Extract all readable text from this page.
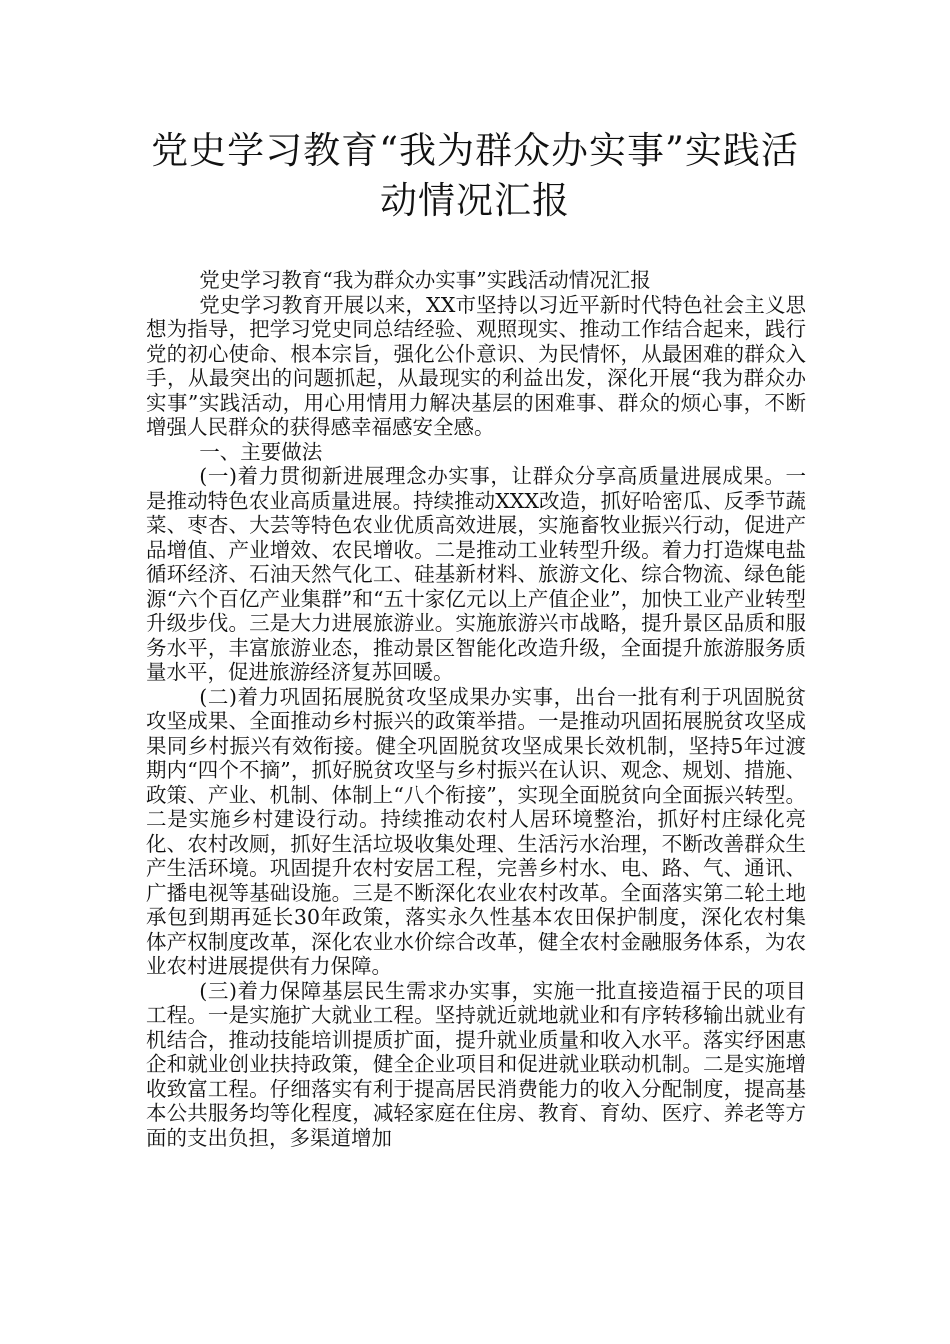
党史学习教育“我为群众办实事”实践活
动情况汇报

党史学习教育“我为群众办实事”实践活动情况汇报

党史学习教育开展以来，XX市坚持以习近平新时代特色社会主义思想为指导，把学习党史同总结经验、观照现实、推动工作结合起来，践行党的初心使命、根本宗旨，强化公仆意识、为民情怀，从最困难的群众入手，从最突出的问题抓起，从最现实的利益出发，深化开展“我为群众办实事”实践活动，用心用情用力解决基层的困难事、群众的烦心事，不断增强人民群众的获得感幸福感安全感。

一、主要做法

(一)着力贯彻新进展理念办实事，让群众分享高质量进展成果。一是推动特色农业高质量进展。持续推动XXX改造，抓好哈密瓜、反季节蔬菜、枣杏、大芸等特色农业优质高效进展，实施畜牧业振兴行动，促进产品增值、产业增效、农民增收。二是推动工业转型升级。着力打造煤电盐循环经济、石油天然气化工、硅基新材料、旅游文化、综合物流、绿色能源“六个百亿产业集群”和“五十家亿元以上产值企业”，加快工业产业转型升级步伐。三是大力进展旅游业。实施旅游兴市战略，提升景区品质和服务水平，丰富旅游业态，推动景区智能化改造升级，全面提升旅游服务质量水平，促进旅游经济复苏回暖。

(二)着力巩固拓展脱贫攻坚成果办实事，出台一批有利于巩固脱贫攻坚成果、全面推动乡村振兴的政策举措。一是推动巩固拓展脱贫攻坚成果同乡村振兴有效衔接。健全巩固脱贫攻坚成果长效机制，坚持5年过渡期内“四个不摘”，抓好脱贫攻坚与乡村振兴在认识、观念、规划、措施、政策、产业、机制、体制上“八个衔接”，实现全面脱贫向全面振兴转型。二是实施乡村建设行动。持续推动农村人居环境整治，抓好村庄绿化亮化、农村改厕，抓好生活垃圾收集处理、生活污水治理，不断改善群众生产生活环境。巩固提升农村安居工程，完善乡村水、电、路、气、通讯、广播电视等基础设施。三是不断深化农业农村改革。全面落实第二轮土地承包到期再延长30年政策，落实永久性基本农田保护制度，深化农村集体产权制度改革，深化农业水价综合改革，健全农村金融服务体系，为农业农村进展提供有力保障。

(三)着力保障基层民生需求办实事，实施一批直接造福于民的项目工程。一是实施扩大就业工程。坚持就近就地就业和有序转移输出就业有机结合，推动技能培训提质扩面，提升就业质量和收入水平。落实纾困惠企和就业创业扶持政策，健全企业项目和促进就业联动机制。二是实施增收致富工程。仔细落实有利于提高居民消费能力的收入分配制度，提高基本公共服务均等化程度，减轻家庭在住房、教育、育幼、医疗、养老等方面的支出负担，多渠道增加
